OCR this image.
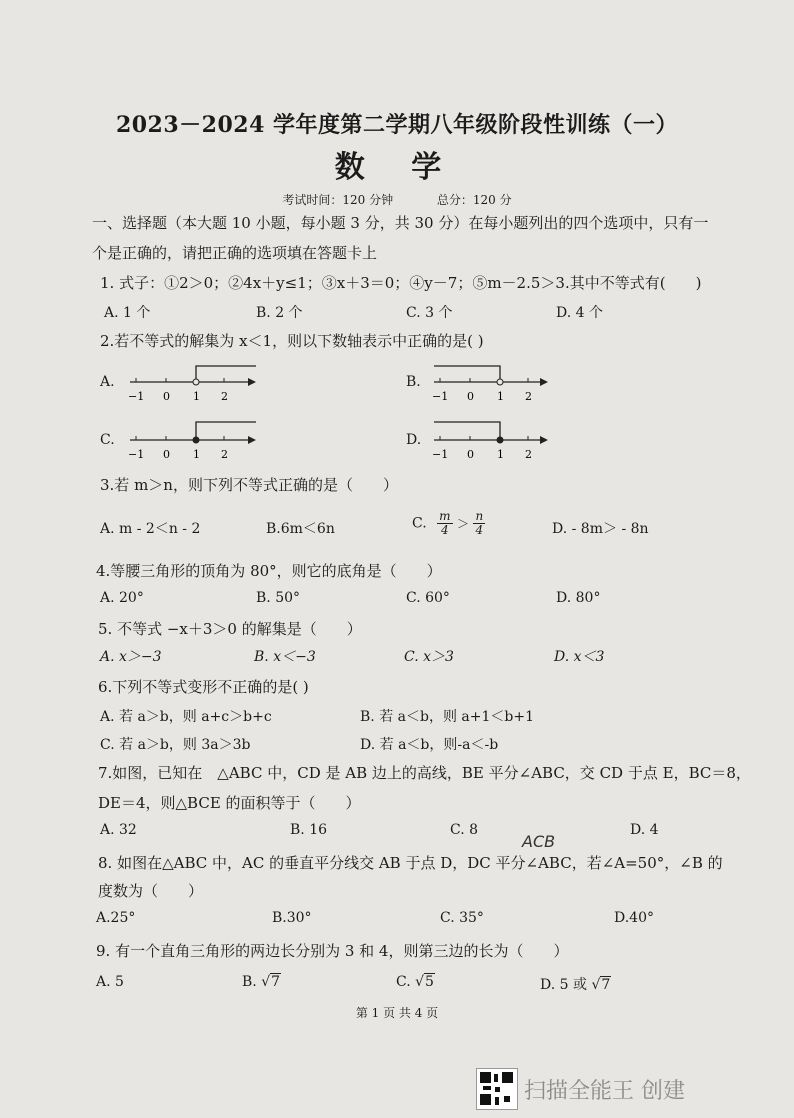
2023－2024 学年度第二学期八年级阶段性训练（一）
数 学
考试时间：120 分钟	总分：120 分
一、选择题（本大题 10 小题，每小题 3 分，共 30 分）在每小题列出的四个选项中，只有一
个是正确的，请把正确的选项填在答题卡上
1. 式子：①2＞0；②4x＋y≤1；③x＋3＝0；④y－7；⑤m－2.5＞3.其中不等式有(　　)
A. 1 个	B. 2 个	C. 3 个	D. 4 个
2.若不等式的解集为 x＜1，则以下数轴表示中正确的是( )
A.
−1 0 1 2
B.
−1 0 1 2
C.
−1 0 1 2
D.
−1 0 1 2
3.若 m＞n，则下列不等式正确的是（　　）
A. m - 2＜n - 2	B.6m＜6n	C. $\frac{m}{4} > \frac{n}{4}$	D. - 8m＞ - 8n
4.等腰三角形的顶角为 80°，则它的底角是（　　）
A. 20°	B. 50°	C. 60°	D. 80°
5. 不等式 −x＋3＞0 的解集是（　　）
A. x＞−3	B. x＜−3	C. x＞3	D. x＜3
6.下列不等式变形不正确的是( )
A. 若 a＞b，则 a+c＞b+c	B. 若 a＜b，则 a+1＜b+1
C. 若 a＞b，则 3a＞3b	D. 若 a＜b，则-a＜-b
7.如图，已知在　△ABC 中，CD 是 AB 边上的高线，BE 平分∠ABC，交 CD 于点 E，BC＝8，
DE＝4，则△BCE 的面积等于（　　）
A. 32	B. 16	C. 8	D. 4
ACB
8. 如图在△ABC 中，AC 的垂直平分线交 AB 于点 D，DC 平分∠ABC，若∠A=50°，∠B 的
度数为（　　）
A.25°	B.30°	C. 35°	D.40°
9. 有一个直角三角形的两边长分别为 3 和 4，则第三边的长为（　　）
A. 5	B. √7	C. √5	D. 5 或 √7
第 1 页 共 4 页
扫描全能王 创建
